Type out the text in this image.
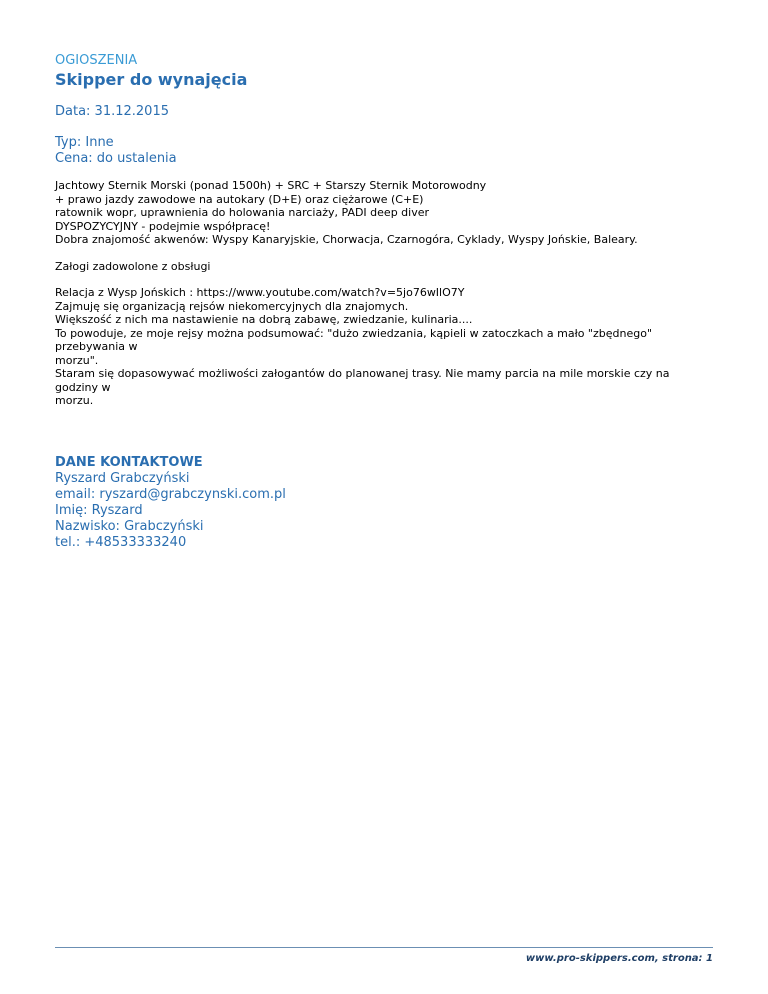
OGIOSZENIA
Skipper do wynajęcia
Data: 31.12.2015
Typ: Inne
Cena: do ustalenia
Jachtowy Sternik Morski (ponad 1500h) + SRC + Starszy Sternik Motorowodny
+ prawo jazdy zawodowe na autokary (D+E) oraz ciężarowe (C+E)
ratownik wopr, uprawnienia do holowania narciaży, PADI deep diver
DYSPOZYCYJNY - podejmie współpracę!
Dobra znajomość akwenów: Wyspy Kanaryjskie, Chorwacja, Czarnogóra, Cyklady, Wyspy Jońskie, Baleary.
Załogi zadowolone z obsługi
Relacja z Wysp Jońskich : https://www.youtube.com/watch?v=5jo76wIlO7Y
Zajmuję się organizacją rejsów niekomercyjnych dla znajomych.
Większość z nich ma nastawienie na dobrą zabawę, zwiedzanie, kulinaria....
To powoduje, ze moje rejsy można podsumować: "dużo zwiedzania, kąpieli w zatoczkach a mało "zbędnego" przebywania w
morzu".
Staram się dopasowywać możliwości załogantów do planowanej trasy. Nie mamy parcia na mile morskie czy na godziny w
morzu.
DANE KONTAKTOWE
Ryszard Grabczyński
email: ryszard@grabczynski.com.pl
Imię: Ryszard
Nazwisko: Grabczyński
tel.: +48533333240
www.pro-skippers.com, strona: 1
